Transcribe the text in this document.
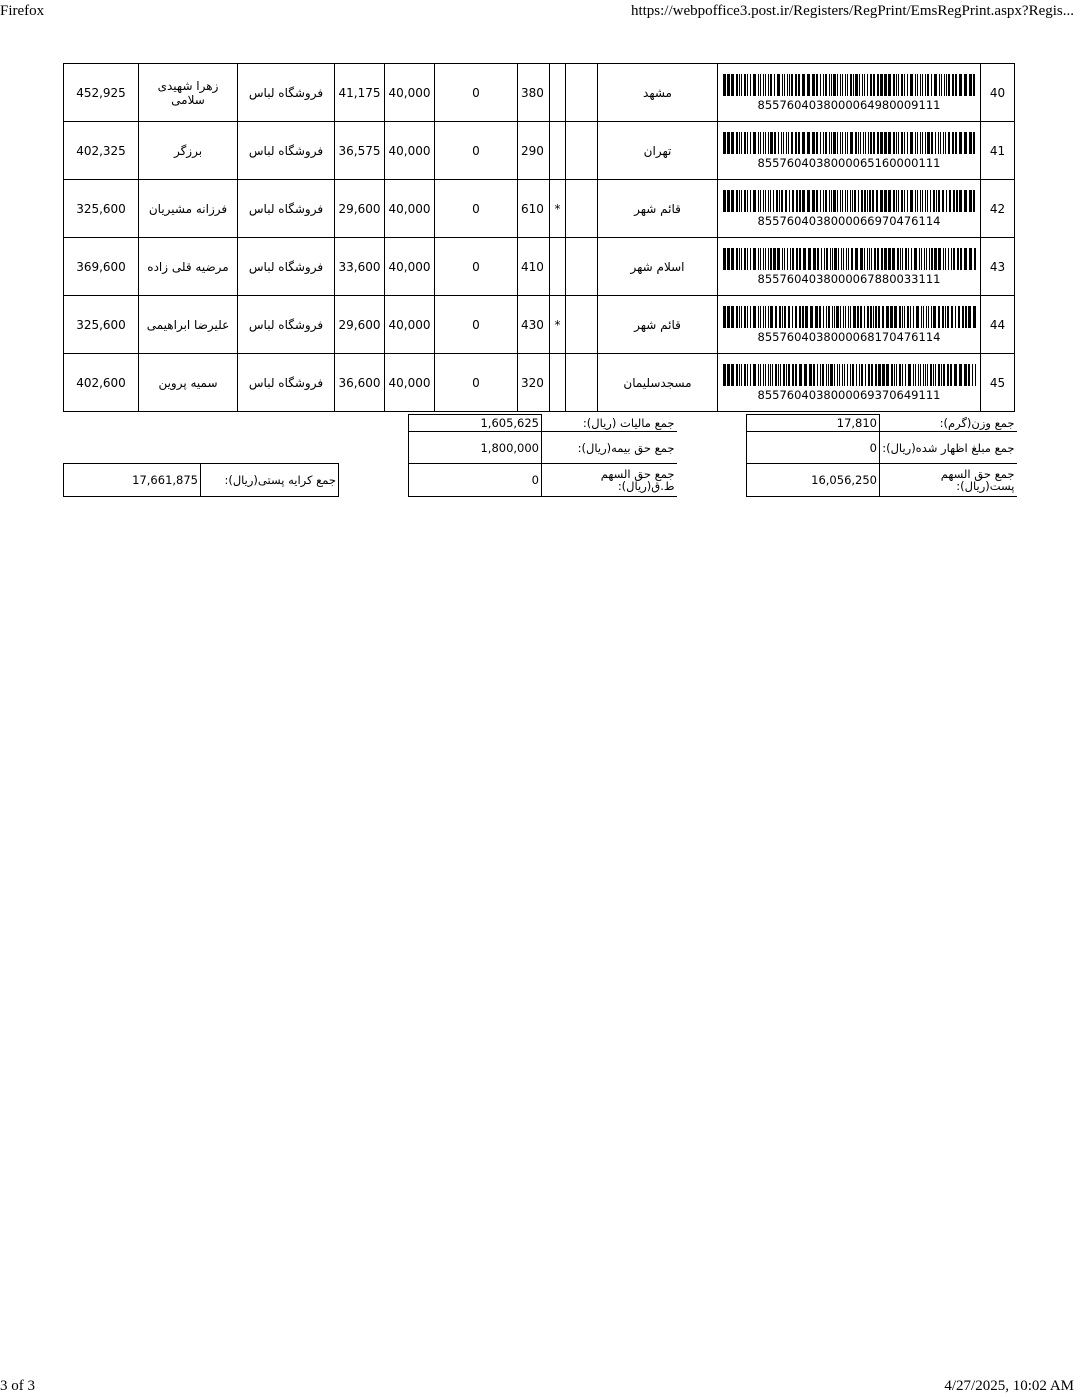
Firefox	https://webpoffice3.post.ir/Registers/RegPrint/EmsRegPrint.aspx?Regis...
452,925	زهرا شهیدی سلامی	فروشگاه لباس	41,175	40,000	0	380			مشهد	8557604038000064980009111	40
402,325	برزگر	فروشگاه لباس	36,575	40,000	0	290			تهران	8557604038000065160000111	41
325,600	فرزانه مشیریان	فروشگاه لباس	29,600	40,000	0	610	*		قائم شهر	8557604038000066970476114	42
369,600	مرضیه قلی زاده	فروشگاه لباس	33,600	40,000	0	410			اسلام شهر	8557604038000067880033111	43
325,600	علیرضا ابراهیمی	فروشگاه لباس	29,600	40,000	0	430	*		قائم شهر	8557604038000068170476114	44
402,600	سمیه پروین	فروشگاه لباس	36,600	40,000	0	320			مسجدسلیمان	8557604038000069370649111	45
17,810	جمع وزن(گرم):
0	جمع مبلغ اظهار شده(ریال):
16,056,250	جمع حق السهم پست(ریال):
1,605,625	جمع مالیات (ریال):
1,800,000	جمع حق بیمه(ریال):
0	جمع حق السهم ط.ق(ریال):
17,661,875	جمع کرایه پستی(ریال):
3 of 3	4/27/2025, 10:02 AM
